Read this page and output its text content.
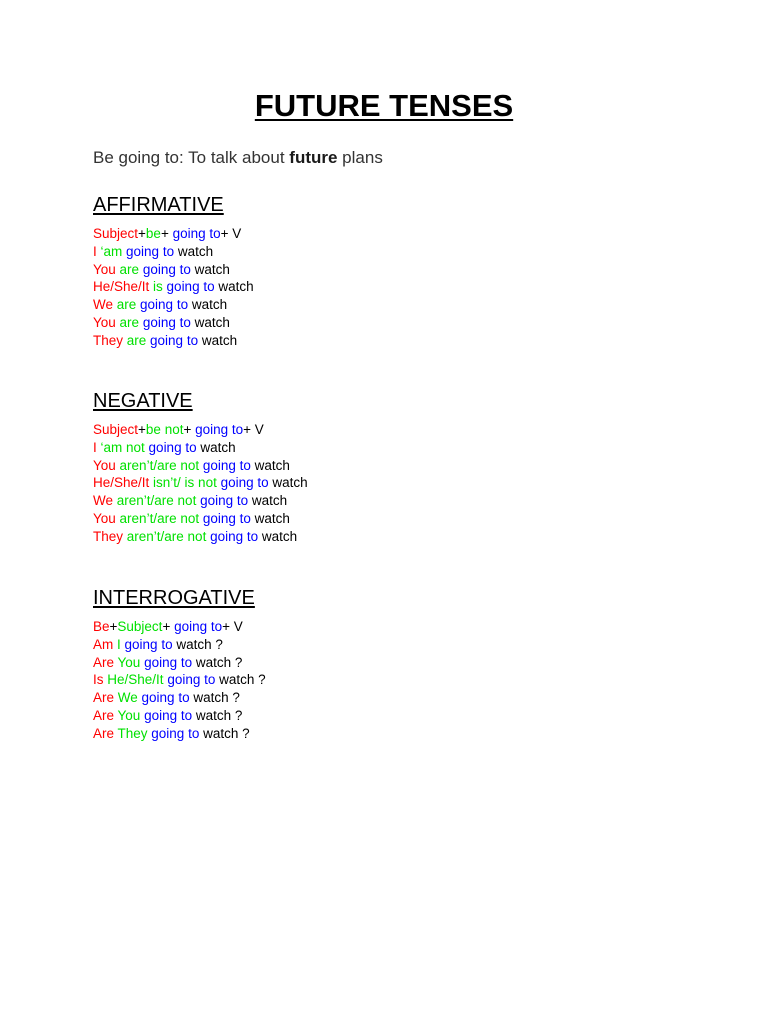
FUTURE TENSES
Be going to: To talk about future plans
AFFIRMATIVE
Subject+be+ going to+ V
I ‘am going to watch
You are going to watch
He/She/It is going to watch
We are going to watch
You are going to watch
They are going to watch
NEGATIVE
Subject+be not+ going to+ V
I ‘am not going to watch
You aren’t/are not going to watch
He/She/It isn’t/ is not going to watch
We aren’t/are not going to watch
You aren’t/are not going to watch
They aren’t/are not going to watch
INTERROGATIVE
Be+Subject+ going to+ V
Am I going to watch ?
Are You going to watch ?
Is He/She/It going to watch ?
Are We going to watch ?
Are You going to watch ?
Are They going to watch ?
